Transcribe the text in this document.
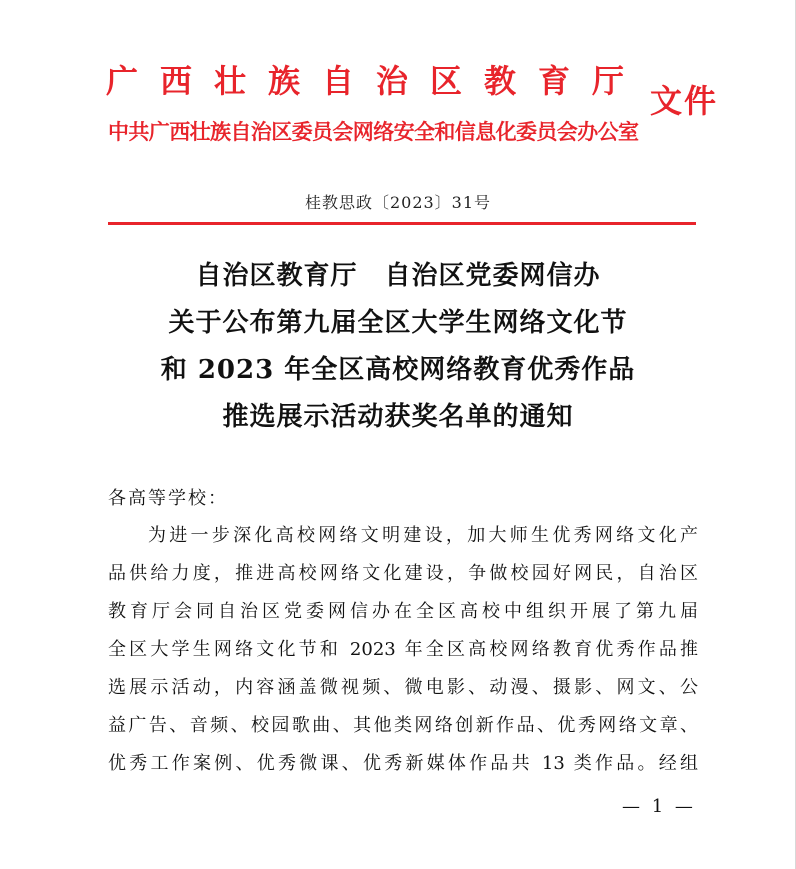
广西壮族自治区教育厅
中共广西壮族自治区委员会网络安全和信息化委员会办公室
文件
桂教思政〔2023〕31号
自治区教育厅　自治区党委网信办
关于公布第九届全区大学生网络文化节
和 2023 年全区高校网络教育优秀作品
推选展示活动获奖名单的通知
各高等学校：
为进一步深化高校网络文明建设，加大师生优秀网络文化产
品供给力度，推进高校网络文化建设，争做校园好网民，自治区
教育厅会同自治区党委网信办在全区高校中组织开展了第九届
全区大学生网络文化节和 2023 年全区高校网络教育优秀作品推
选展示活动，内容涵盖微视频、微电影、动漫、摄影、网文、公
益广告、音频、校园歌曲、其他类网络创新作品、优秀网络文章、
优秀工作案例、优秀微课、优秀新媒体作品共 13 类作品。经组
— 1 —
